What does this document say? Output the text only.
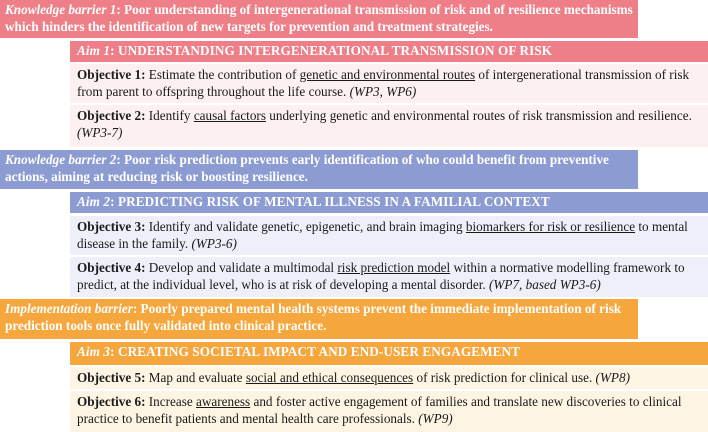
Knowledge barrier 1: Poor understanding of intergenerational transmission of risk and of resilience mechanisms which hinders the identification of new targets for prevention and treatment strategies.
Aim 1: UNDERSTANDING INTERGENERATIONAL TRANSMISSION OF RISK
Objective 1: Estimate the contribution of genetic and environmental routes of intergenerational transmission of risk from parent to offspring throughout the life course. (WP3, WP6)
Objective 2: Identify causal factors underlying genetic and environmental routes of risk transmission and resilience. (WP3-7)
Knowledge barrier 2: Poor risk prediction prevents early identification of who could benefit from preventive actions, aiming at reducing risk or boosting resilience.
Aim 2: PREDICTING RISK OF MENTAL ILLNESS IN A FAMILIAL CONTEXT
Objective 3: Identify and validate genetic, epigenetic, and brain imaging biomarkers for risk or resilience to mental disease in the family. (WP3-6)
Objective 4: Develop and validate a multimodal risk prediction model within a normative modelling framework to predict, at the individual level, who is at risk of developing a mental disorder. (WP7, based WP3-6)
Implementation barrier: Poorly prepared mental health systems prevent the immediate implementation of risk prediction tools once fully validated into clinical practice.
Aim 3: CREATING SOCIETAL IMPACT AND END-USER ENGAGEMENT
Objective 5: Map and evaluate social and ethical consequences of risk prediction for clinical use. (WP8)
Objective 6: Increase awareness and foster active engagement of families and translate new discoveries to clinical practice to benefit patients and mental health care professionals. (WP9)
